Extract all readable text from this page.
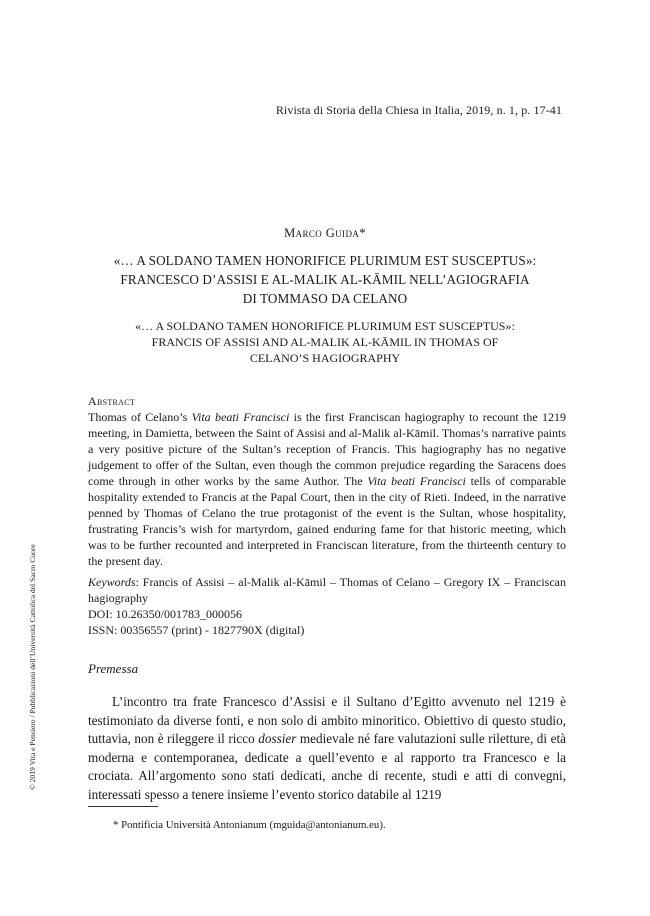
Rivista di Storia della Chiesa in Italia, 2019, n. 1, p. 17-41
© 2019 Vita e Pensiero / Pubblicazioni dell’Università Cattolica del Sacro Cuore
Marco Guida*
«… A SOLDANO TAMEN HONORIFICE PLURIMUM EST SUSCEPTUS»:
FRANCESCO D’ASSISI E AL-MALIK AL-KĀMIL NELL’AGIOGRAFIA
DI TOMMASO DA CELANO
«… A SOLDANO TAMEN HONORIFICE PLURIMUM EST SUSCEPTUS»:
FRANCIS OF ASSISI AND AL-MALIK AL-KĀMIL IN THOMAS OF
CELANO’S HAGIOGRAPHY
Abstract

Thomas of Celano’s Vita beati Francisci is the first Franciscan hagiography to recount the 1219 meeting, in Damietta, between the Saint of Assisi and al-Malik al-Kāmil. Thomas’s narrative paints a very positive picture of the Sultan’s reception of Francis. This hagiography has no negative judgement to offer of the Sultan, even though the common prejudice regarding the Saracens does come through in other works by the same Author. The Vita beati Francisci tells of comparable hospitality extended to Francis at the Papal Court, then in the city of Rieti. Indeed, in the narrative penned by Thomas of Celano the true protagonist of the event is the Sultan, whose hospitality, frustrating Francis’s wish for martyrdom, gained enduring fame for that historic meeting, which was to be further recounted and interpreted in Franciscan literature, from the thirteenth century to the present day.

Keywords: Francis of Assisi – al-Malik al-Kāmil – Thomas of Celano – Gregory IX – Franciscan hagiography

DOI: 10.26350/001783_000056

ISSN: 00356557 (print) - 1827790X (digital)

Premessa

L’incontro tra frate Francesco d’Assisi e il Sultano d’Egitto avvenuto nel 1219 è testimoniato da diverse fonti, e non solo di ambito minoritico. Obiettivo di questo studio, tuttavia, non è rileggere il ricco dossier medievale né fare valutazioni sulle riletture, di età moderna e contemporanea, dedicate a quell’evento e al rapporto tra Francesco e la crociata. All’argomento sono stati dedicati, anche di recente, studi e atti di convegni, interessati spesso a tenere insieme l’evento storico databile al 1219

* Pontificia Università Antonianum (mguida@antonianum.eu).
